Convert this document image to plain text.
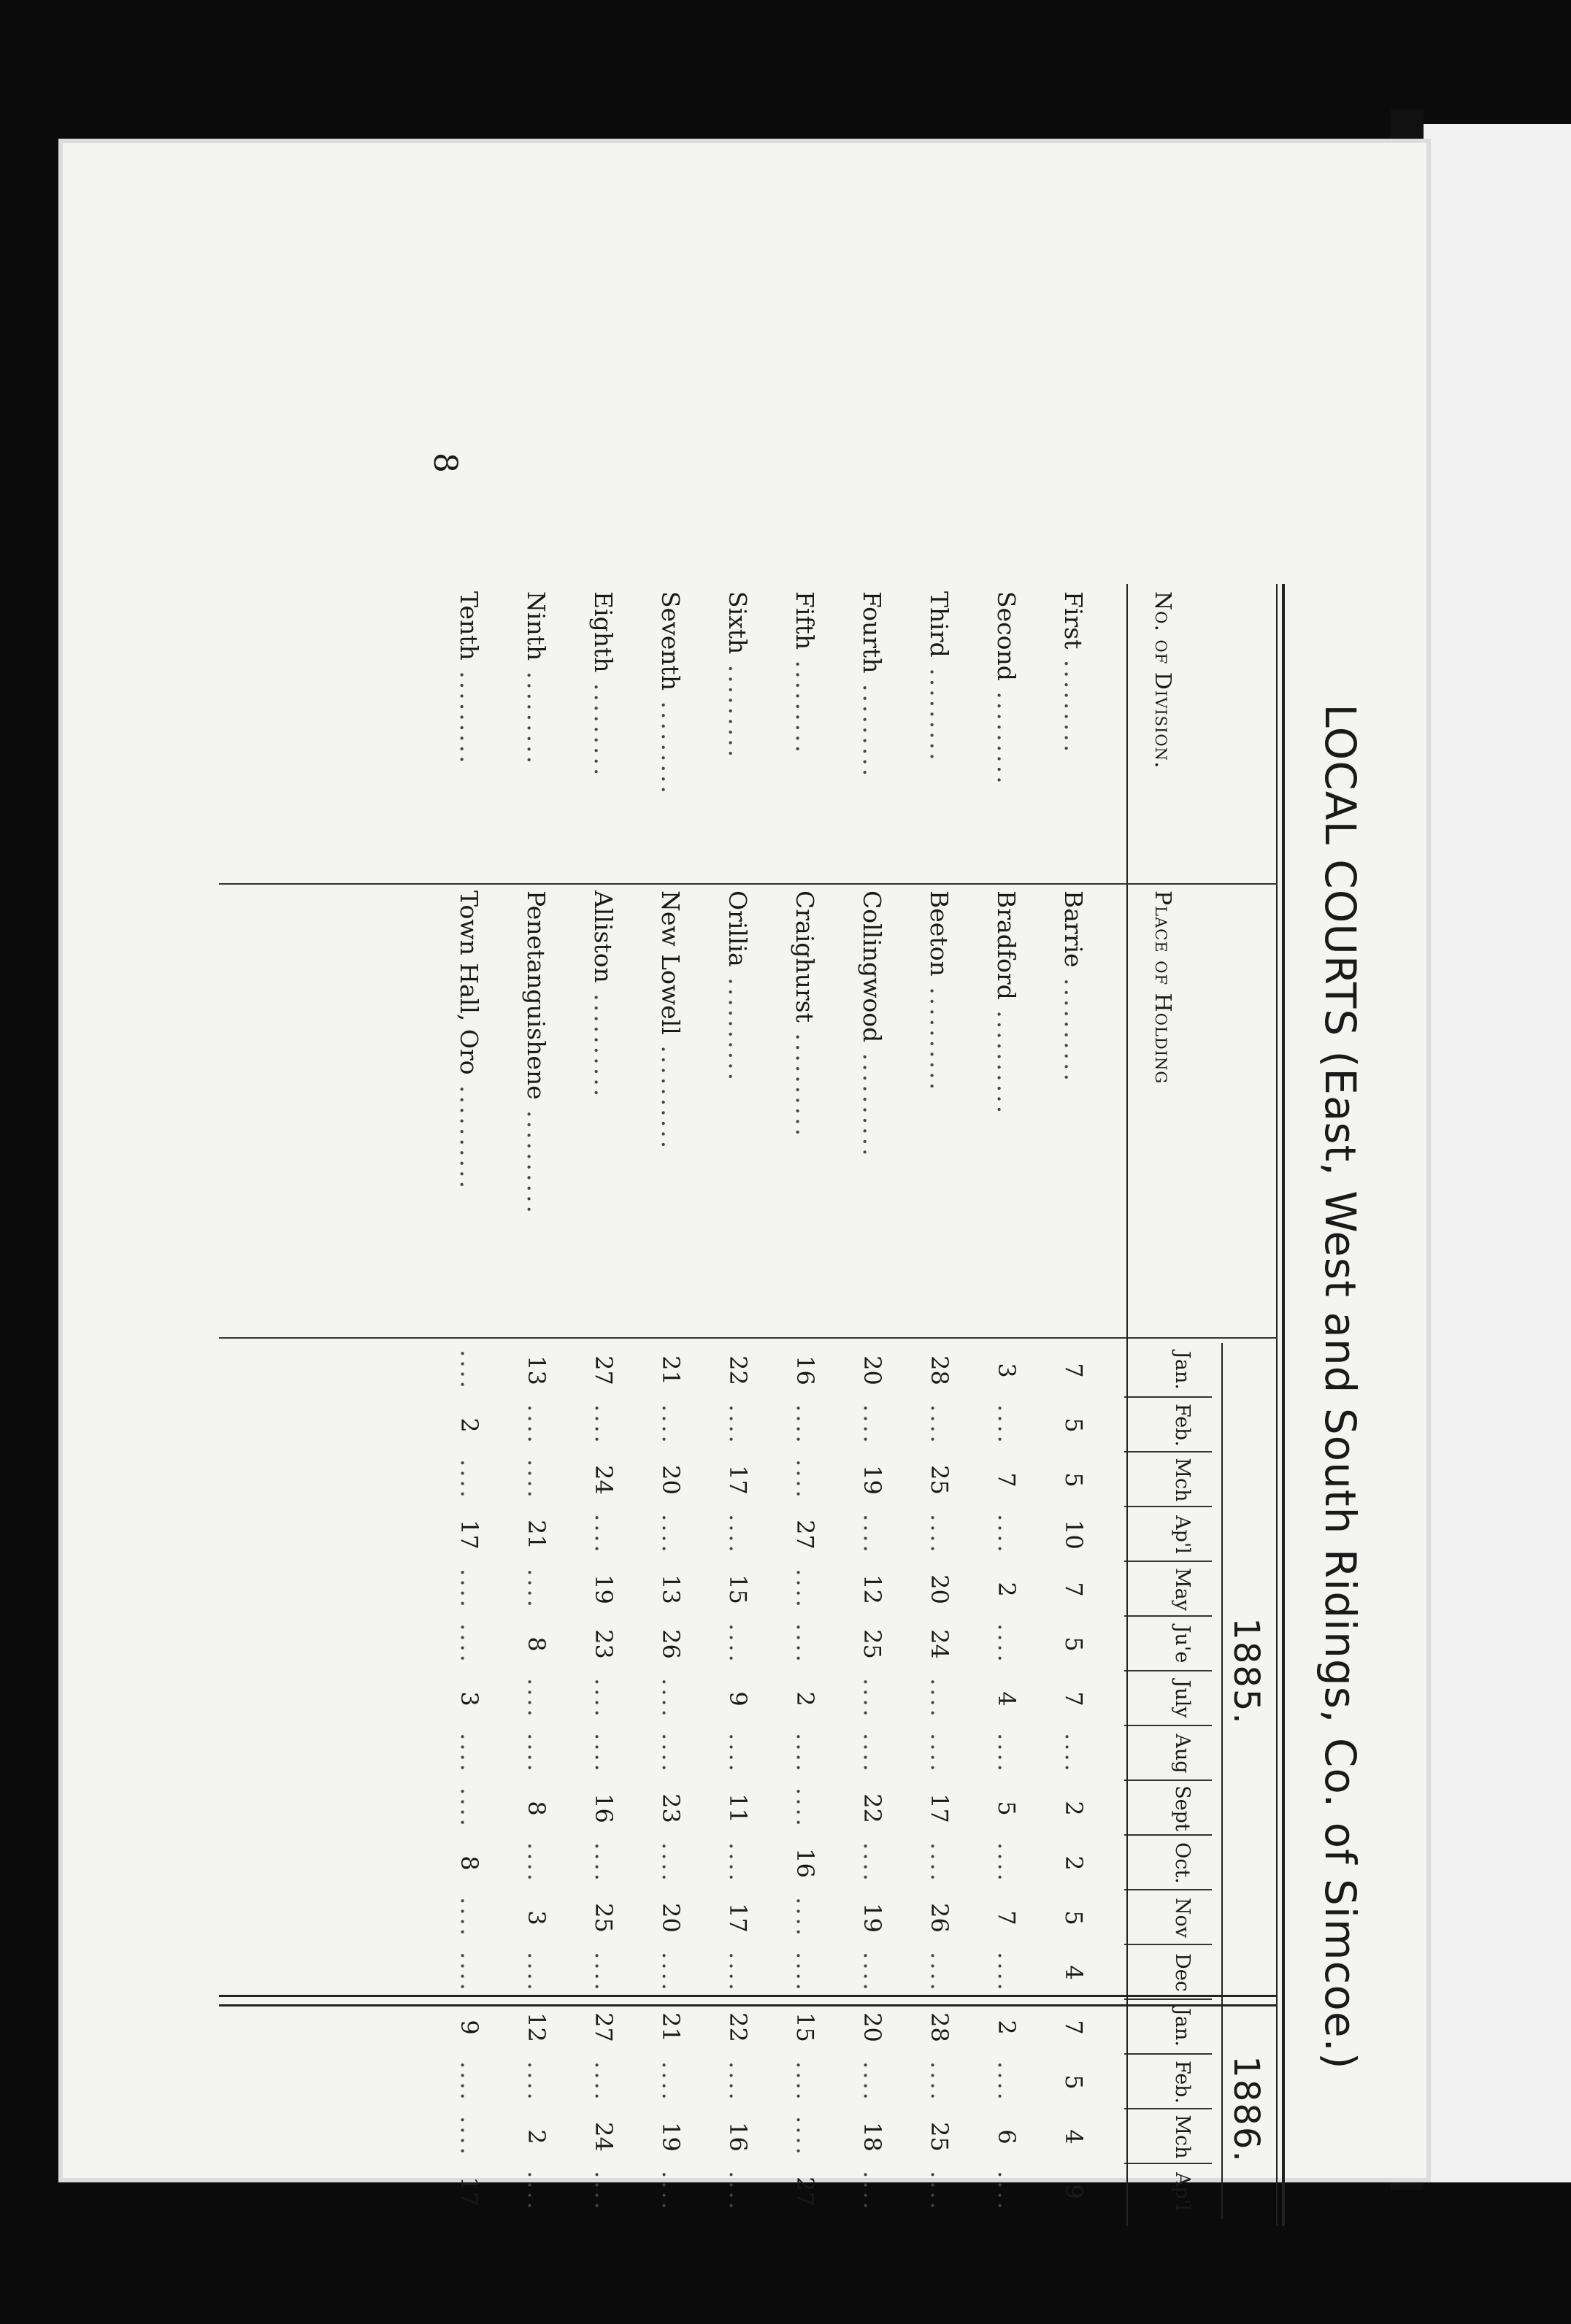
8
LOCAL COURTS (East, West and South Ridings, Co. of Simcoe.)
No. of Division.
Place of Holding
1885.
1886.
Jan.
Feb.
Mch
Ap'l
May
Ju'e
July
Aug
Sept
Oct.
Nov
Dec
Jan.
Feb.
Mch
Ap'l
First .........
Barrie ..........
7
5
5
10
7
5
7
....
2
2
5
4
7
5
4
9
Second .........
Bradford ..........
3
....
7
....
2
....
4
....
5
....
7
....
2
....
6
....
Third .........
Beeton ..........
28
....
25
....
20
24
....
....
17
....
26
....
28
....
25
....
Fourth .........
Collingwood ..........
20
....
19
....
12
25
....
....
22
....
19
....
20
....
18
....
Fifth .........
Craighurst ..........
16
....
....
27
....
....
2
....
....
16
....
....
15
....
....
27
Sixth .........
Orillia ..........
22
....
17
....
15
....
9
....
11
....
17
....
22
....
16
....
Seventh .........
New Lowell ..........
21
....
20
....
13
26
....
....
23
....
20
....
21
....
19
....
Eighth .........
Alliston ..........
27
....
24
....
19
23
....
....
16
....
25
....
27
....
24
....
Ninth .........
Penetanguishene ..........
13
....
....
21
....
8
....
....
8
....
3
....
12
....
2
....
Tenth .........
Town Hall, Oro ..........
....
2
....
17
....
....
3
....
....
8
....
....
9
....
....
17
